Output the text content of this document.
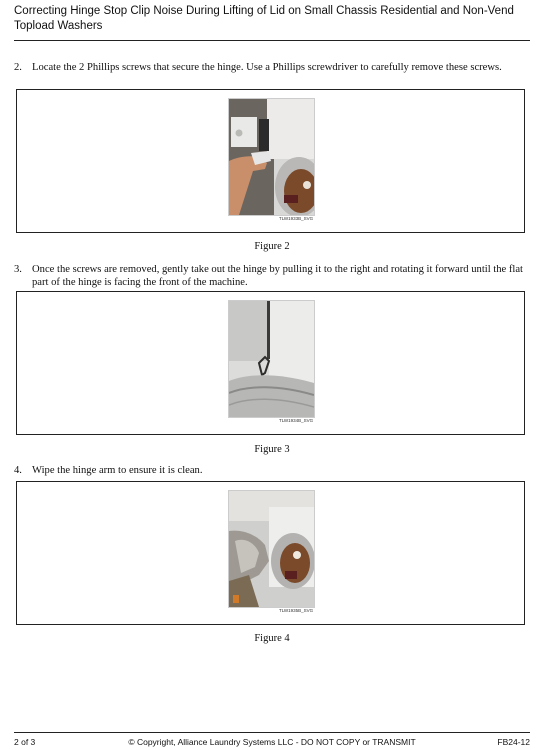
Correcting Hinge Stop Clip Noise During Lifting of Lid on Small Chassis Residential and Non-Vend Topload Washers
2. Locate the 2 Phillips screws that secure the hinge. Use a Phillips screwdriver to carefully remove these screws.
TLW1933B_SVG
Figure 2
3. Once the screws are removed, gently take out the hinge by pulling it to the right and rotating it forward until the flat part of the hinge is facing the front of the machine.
TLW1934B_SVG
Figure 3
4. Wipe the hinge arm to ensure it is clean.
TLW1935B_SVG
Figure 4
2 of 3	© Copyright, Alliance Laundry Systems LLC - DO NOT COPY or TRANSMIT	FB24-12
